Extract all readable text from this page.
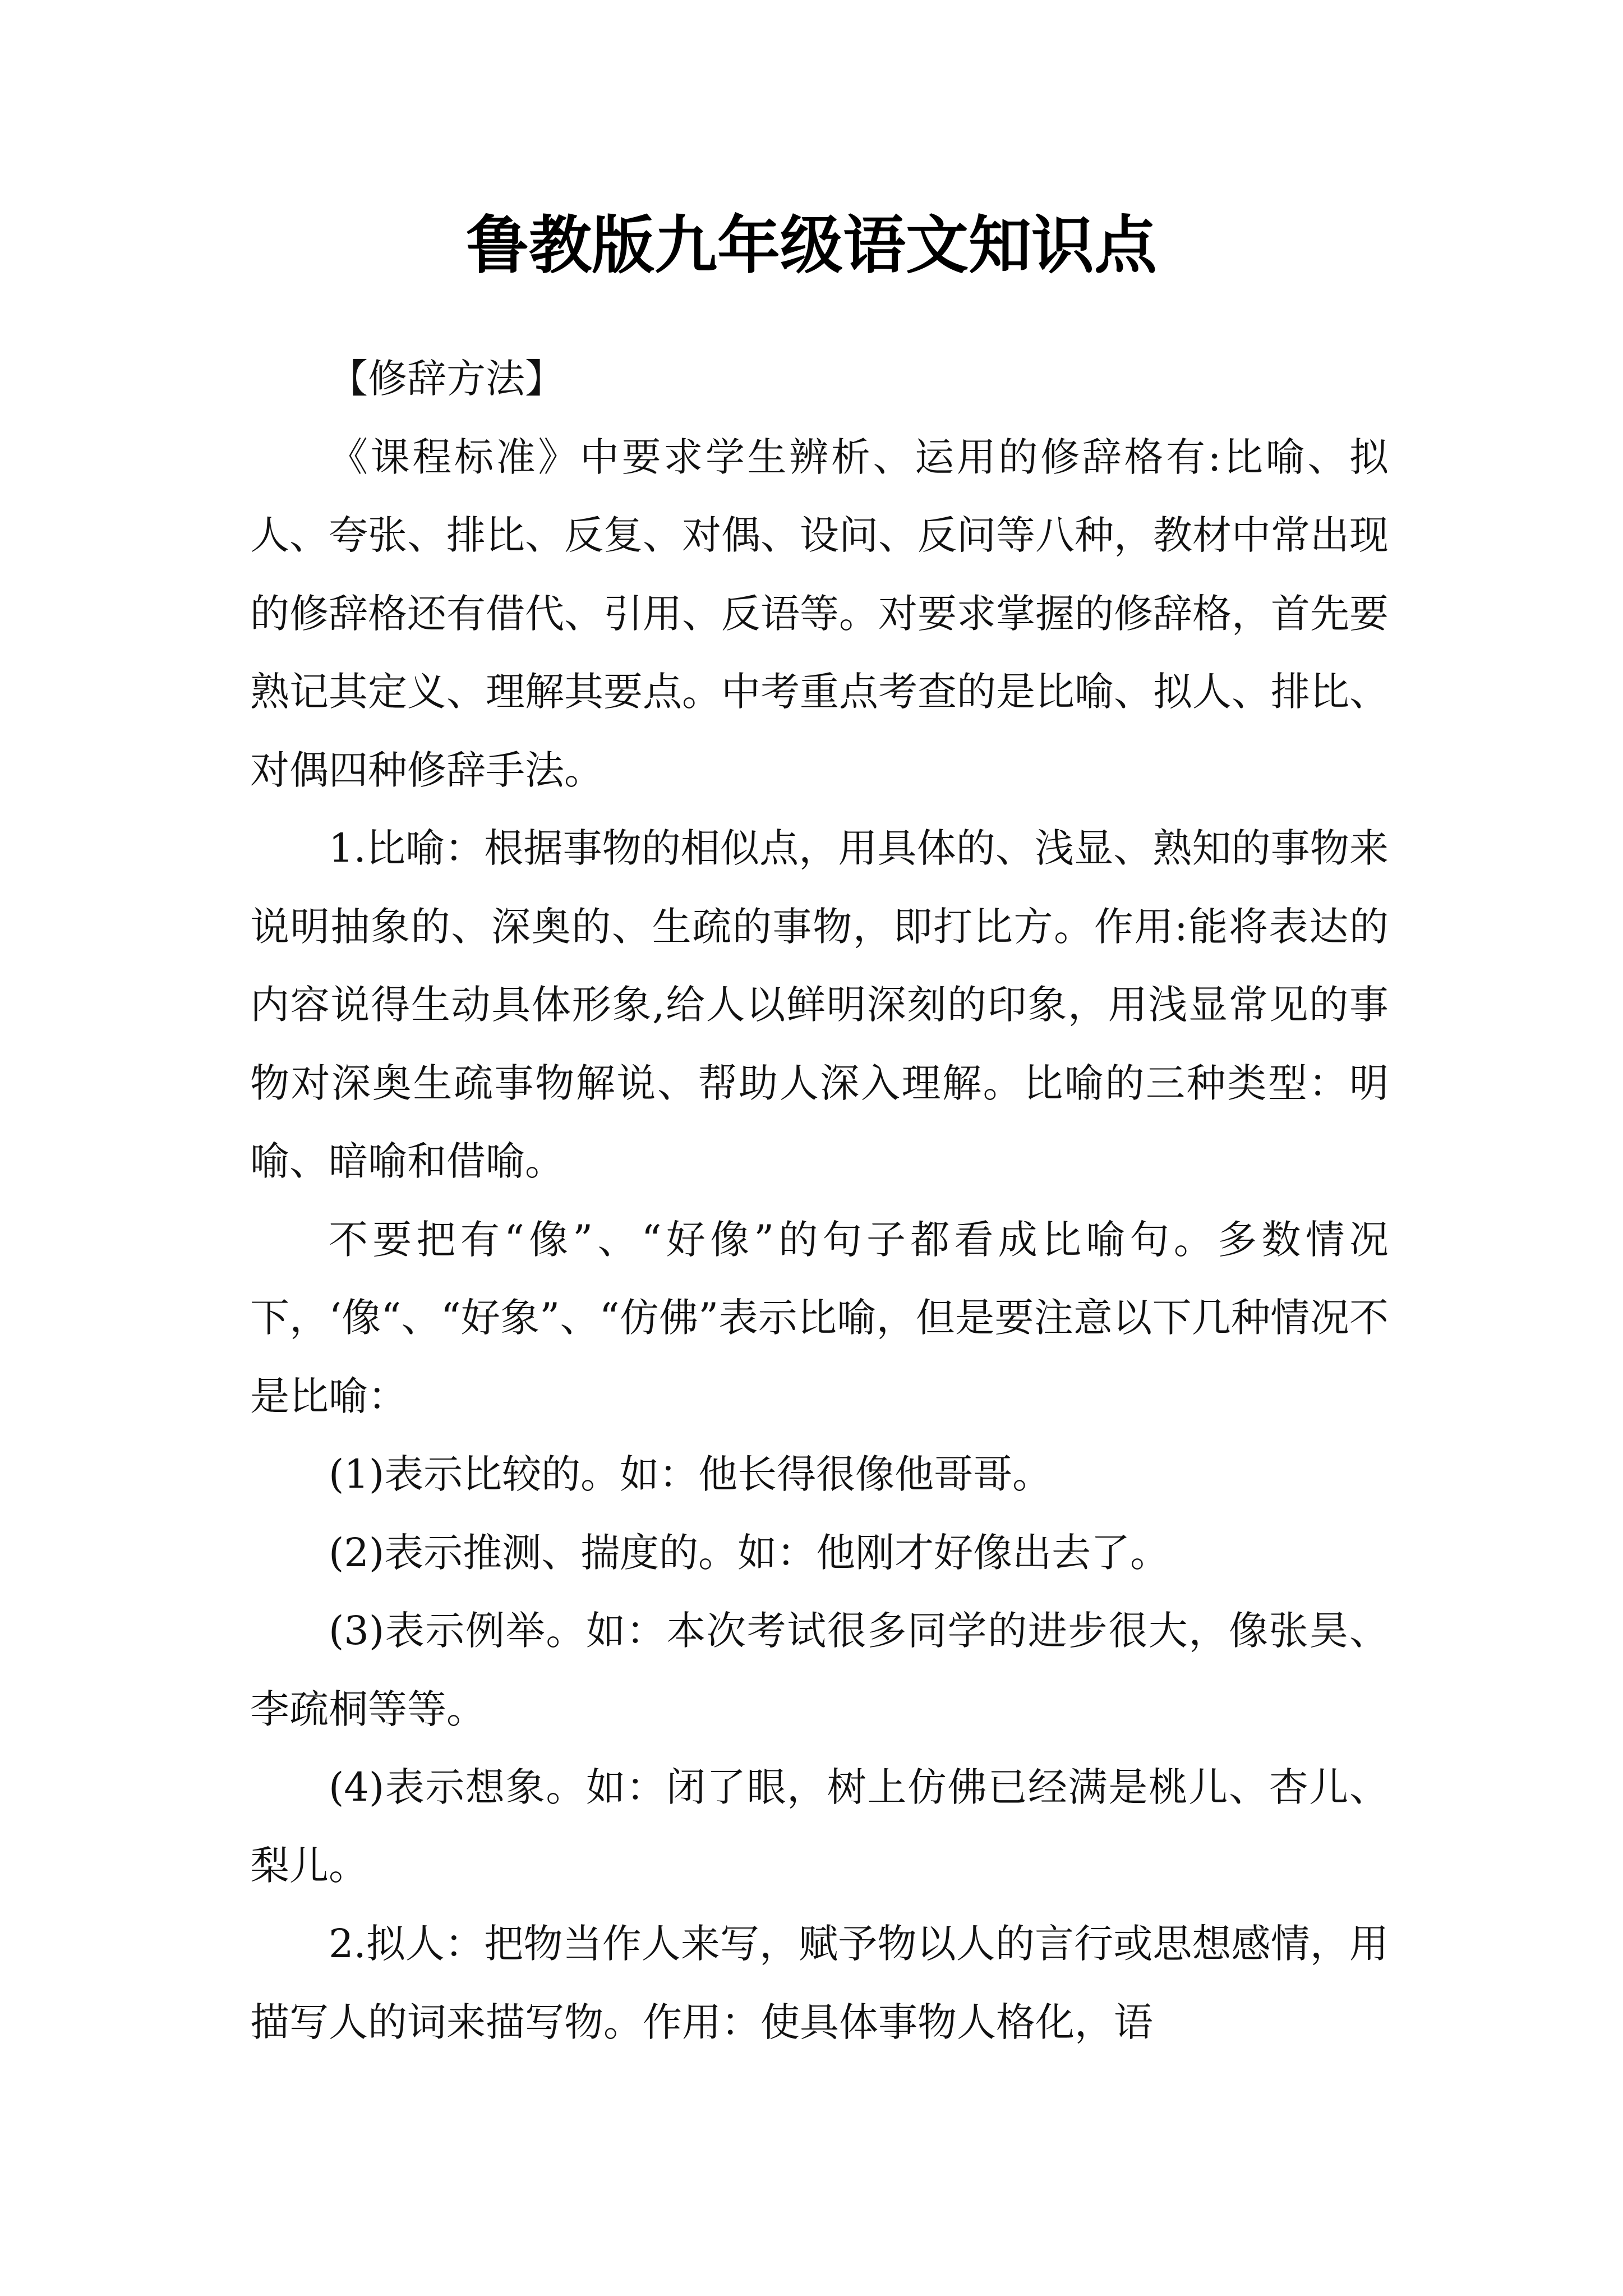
鲁教版九年级语文知识点

【修辞方法】

《课程标准》中要求学生辨析、运用的修辞格有:比喻、拟人、夸张、排比、反复、对偶、设问、反问等八种，教材中常出现的修辞格还有借代、引用、反语等。对要求掌握的修辞格，首先要熟记其定义、理解其要点。中考重点考查的是比喻、拟人、排比、对偶四种修辞手法。

1.比喻：根据事物的相似点，用具体的、浅显、熟知的事物来说明抽象的、深奥的、生疏的事物，即打比方。作用:能将表达的内容说得生动具体形象,给人以鲜明深刻的印象，用浅显常见的事物对深奥生疏事物解说、帮助人深入理解。比喻的三种类型：明喻、暗喻和借喻。

不要把有“像”、“好像”的句子都看成比喻句。多数情况下，‘像“、“好象”、“仿佛”表示比喻，但是要注意以下几种情况不是比喻：

(1)表示比较的。如：他长得很像他哥哥。

(2)表示推测、揣度的。如：他刚才好像出去了。

(3)表示例举。如：本次考试很多同学的进步很大，像张昊、李疏桐等等。

(4)表示想象。如：闭了眼，树上仿佛已经满是桃儿、杏儿、梨儿。

2.拟人：把物当作人来写，赋予物以人的言行或思想感情，用描写人的词来描写物。作用：使具体事物人格化，语
